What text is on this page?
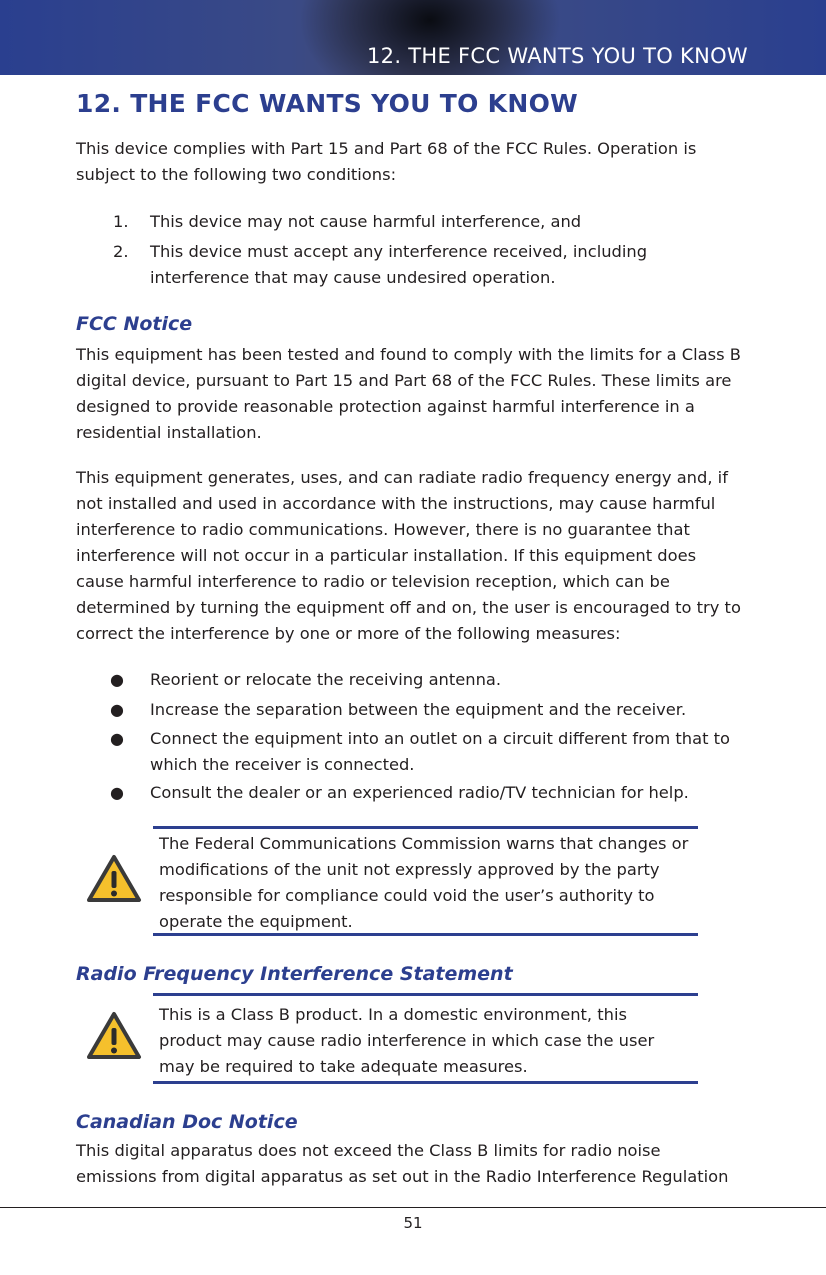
12. THE FCC WANTS YOU TO KNOW
12. THE FCC WANTS YOU TO KNOW

This device complies with Part 15 and Part 68 of the FCC Rules. Operation is subject to the following two conditions:

1. This device may not cause harmful interference, and
2. This device must accept any interference received, including interference that may cause undesired operation.
FCC Notice

This equipment has been tested and found to comply with the limits for a Class B digital device, pursuant to Part 15 and Part 68 of the FCC Rules. These limits are designed to provide reasonable protection against harmful interference in a residential installation.

This equipment generates, uses, and can radiate radio frequency energy and, if not installed and used in accordance with the instructions, may cause harmful interference to radio communications. However, there is no guarantee that interference will not occur in a particular installation. If this equipment does cause harmful interference to radio or television reception, which can be determined by turning the equipment off and on, the user is encouraged to try to correct the interference by one or more of the following measures:

● Reorient or relocate the receiving antenna.
● Increase the separation between the equipment and the receiver.
● Connect the equipment into an outlet on a circuit different from that to which the receiver is connected.
● Consult the dealer or an experienced radio/TV technician for help.
The Federal Communications Commission warns that changes or modifications of the unit not expressly approved by the party responsible for compliance could void the user’s authority to operate the equipment.
Radio Frequency Interference Statement
This is a Class B product. In a domestic environment, this product may cause radio interference in which case the user may be required to take adequate measures.
Canadian Doc Notice

This digital apparatus does not exceed the Class B limits for radio noise emissions from digital apparatus as set out in the Radio Interference Regulation

51
